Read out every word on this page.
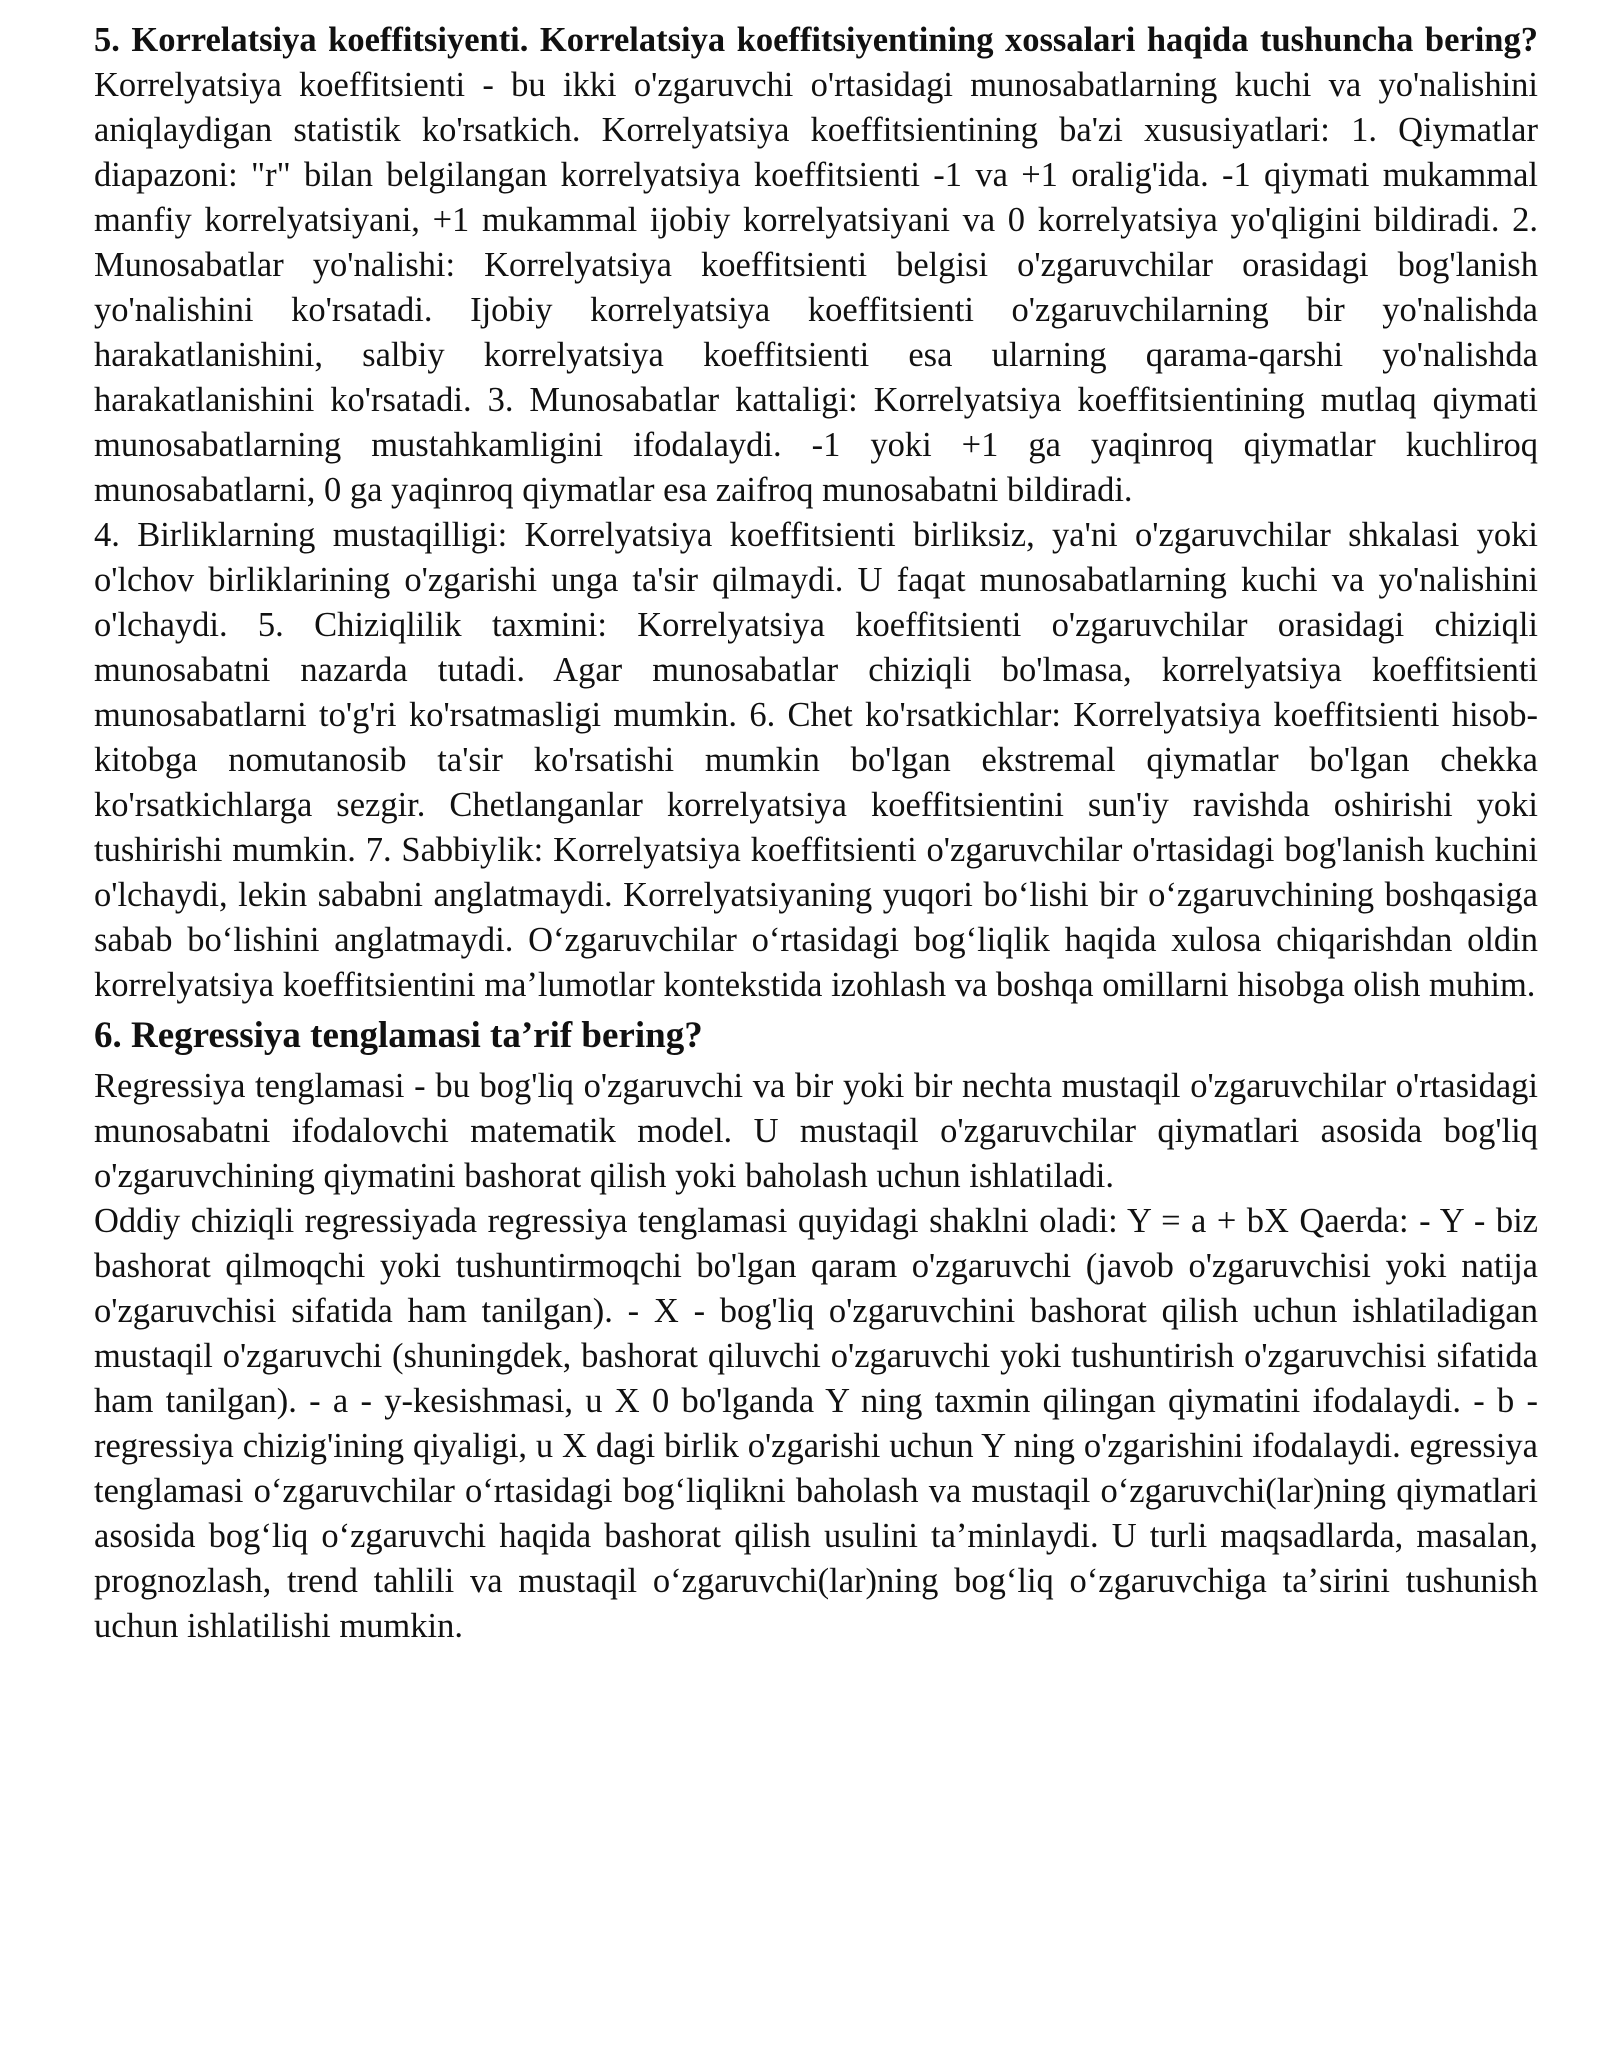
5. Korrelatsiya koeffitsiyenti. Korrelatsiya koeffitsiyentining xossalari haqida tushuncha bering? Korrelyatsiya koeffitsienti - bu ikki o'zgaruvchi o'rtasidagi munosabatlarning kuchi va yo'nalishini aniqlaydigan statistik ko'rsatkich. Korrelyatsiya koeffitsientining ba'zi xususiyatlari: 1. Qiymatlar diapazoni: "r" bilan belgilangan korrelyatsiya koeffitsienti -1 va +1 oralig'ida. -1 qiymati mukammal manfiy korrelyatsiyani, +1 mukammal ijobiy korrelyatsiyani va 0 korrelyatsiya yo'qligini bildiradi. 2. Munosabatlar yo'nalishi: Korrelyatsiya koeffitsienti belgisi o'zgaruvchilar orasidagi bog'lanish yo'nalishini ko'rsatadi. Ijobiy korrelyatsiya koeffitsienti o'zgaruvchilarning bir yo'nalishda harakatlanishini, salbiy korrelyatsiya koeffitsienti esa ularning qarama-qarshi yo'nalishda harakatlanishini ko'rsatadi. 3. Munosabatlar kattaligi: Korrelyatsiya koeffitsientining mutlaq qiymati munosabatlarning mustahkamligini ifodalaydi. -1 yoki +1 ga yaqinroq qiymatlar kuchliroq munosabatlarni, 0 ga yaqinroq qiymatlar esa zaifroq munosabatni bildiradi.

4. Birliklarning mustaqilligi: Korrelyatsiya koeffitsienti birliksiz, ya'ni o'zgaruvchilar shkalasi yoki o'lchov birliklarining o'zgarishi unga ta'sir qilmaydi. U faqat munosabatlarning kuchi va yo'nalishini o'lchaydi. 5. Chiziqlilik taxmini: Korrelyatsiya koeffitsienti o'zgaruvchilar orasidagi chiziqli munosabatni nazarda tutadi. Agar munosabatlar chiziqli bo'lmasa, korrelyatsiya koeffitsienti munosabatlarni to'g'ri ko'rsatmasligi mumkin. 6. Chet ko'rsatkichlar: Korrelyatsiya koeffitsienti hisob-kitobga nomutanosib ta'sir ko'rsatishi mumkin bo'lgan ekstremal qiymatlar bo'lgan chekka ko'rsatkichlarga sezgir. Chetlanganlar korrelyatsiya koeffitsientini sun'iy ravishda oshirishi yoki tushirishi mumkin. 7. Sabbiylik: Korrelyatsiya koeffitsienti o'zgaruvchilar o'rtasidagi bog'lanish kuchini o'lchaydi, lekin sababni anglatmaydi. Korrelyatsiyaning yuqori boʻlishi bir oʻzgaruvchining boshqasiga sabab boʻlishini anglatmaydi. Oʻzgaruvchilar oʻrtasidagi bogʻliqlik haqida xulosa chiqarishdan oldin korrelyatsiya koeffitsientini maʼlumotlar kontekstida izohlash va boshqa omillarni hisobga olish muhim.

6. Regressiya tenglamasi ta’rif bering?

Regressiya tenglamasi - bu bog'liq o'zgaruvchi va bir yoki bir nechta mustaqil o'zgaruvchilar o'rtasidagi munosabatni ifodalovchi matematik model. U mustaqil o'zgaruvchilar qiymatlari asosida bog'liq o'zgaruvchining qiymatini bashorat qilish yoki baholash uchun ishlatiladi.

Oddiy chiziqli regressiyada regressiya tenglamasi quyidagi shaklni oladi: Y = a + bX Qaerda: - Y - biz bashorat qilmoqchi yoki tushuntirmoqchi bo'lgan qaram o'zgaruvchi (javob o'zgaruvchisi yoki natija o'zgaruvchisi sifatida ham tanilgan). - X - bog'liq o'zgaruvchini bashorat qilish uchun ishlatiladigan mustaqil o'zgaruvchi (shuningdek, bashorat qiluvchi o'zgaruvchi yoki tushuntirish o'zgaruvchisi sifatida ham tanilgan). - a - y-kesishmasi, u X 0 bo'lganda Y ning taxmin qilingan qiymatini ifodalaydi. - b - regressiya chizig'ining qiyaligi, u X dagi birlik o'zgarishi uchun Y ning o'zgarishini ifodalaydi. egressiya tenglamasi oʻzgaruvchilar oʻrtasidagi bogʻliqlikni baholash va mustaqil oʻzgaruvchi(lar)ning qiymatlari asosida bogʻliq oʻzgaruvchi haqida bashorat qilish usulini taʼminlaydi. U turli maqsadlarda, masalan, prognozlash, trend tahlili va mustaqil oʻzgaruvchi(lar)ning bogʻliq oʻzgaruvchiga taʼsirini tushunish uchun ishlatilishi mumkin.
